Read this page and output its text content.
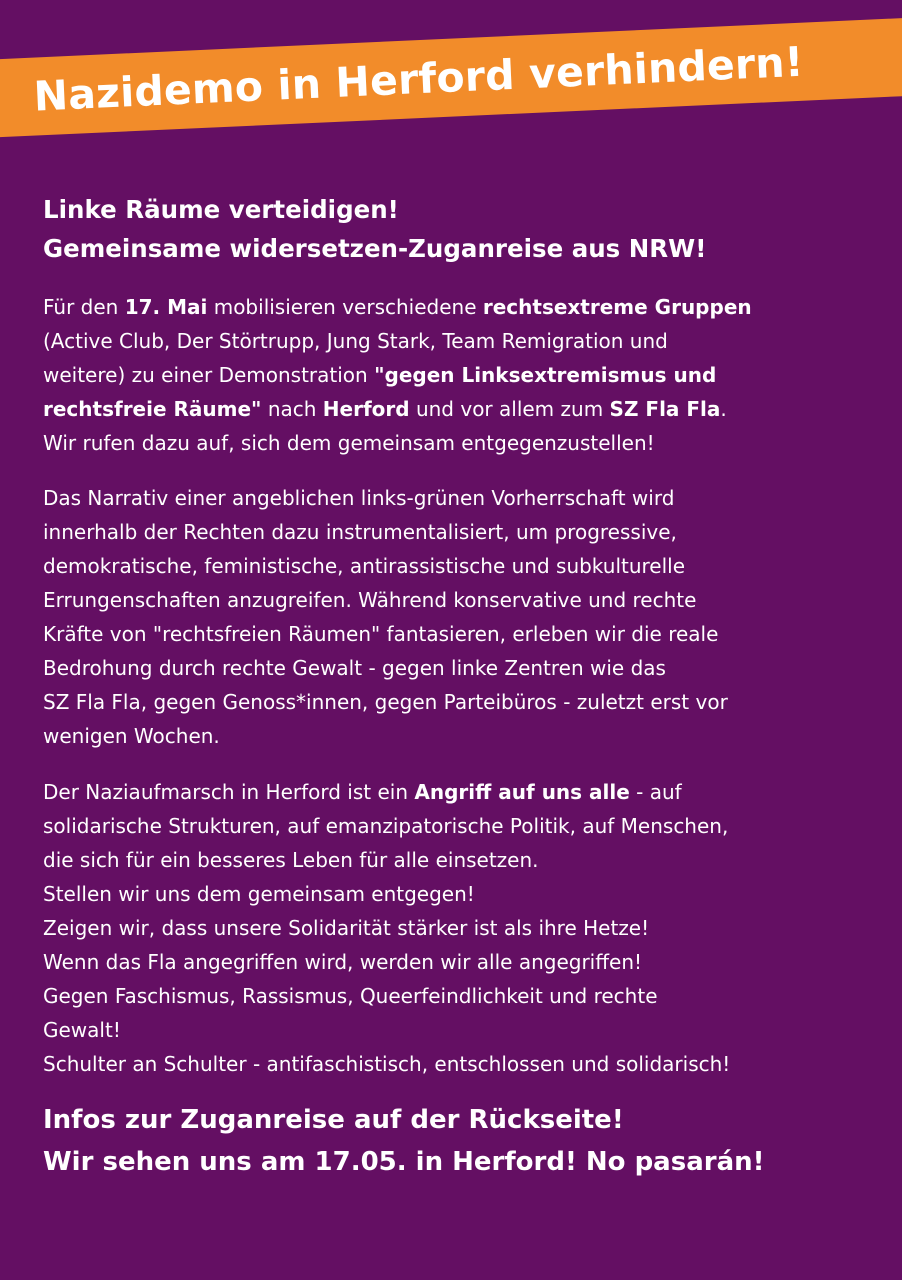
Nazidemo in Herford verhindern!
Linke Räume verteidigen!
Gemeinsame widersetzen-Zuganreise aus NRW!
Für den 17. Mai mobilisieren verschiedene rechtsextreme Gruppen
(Active Club, Der Störtrupp, Jung Stark, Team Remigration und
weitere) zu einer Demonstration "gegen Linksextremismus und
rechtsfreie Räume" nach Herford und vor allem zum SZ Fla Fla.
Wir rufen dazu auf, sich dem gemeinsam entgegenzustellen!
Das Narrativ einer angeblichen links-grünen Vorherrschaft wird
innerhalb der Rechten dazu instrumentalisiert, um progressive,
demokratische, feministische, antirassistische und subkulturelle
Errungenschaften anzugreifen. Während konservative und rechte
Kräfte von "rechtsfreien Räumen" fantasieren, erleben wir die reale
Bedrohung durch rechte Gewalt - gegen linke Zentren wie das
SZ Fla Fla, gegen Genoss*innen, gegen Parteibüros - zuletzt erst vor
wenigen Wochen.
Der Naziaufmarsch in Herford ist ein Angriff auf uns alle - auf
solidarische Strukturen, auf emanzipatorische Politik, auf Menschen,
die sich für ein besseres Leben für alle einsetzen.
Stellen wir uns dem gemeinsam entgegen!
Zeigen wir, dass unsere Solidarität stärker ist als ihre Hetze!
Wenn das Fla angegriffen wird, werden wir alle angegriffen!
Gegen Faschismus, Rassismus, Queerfeindlichkeit und rechte
Gewalt!
Schulter an Schulter - antifaschistisch, entschlossen und solidarisch!
Infos zur Zuganreise auf der Rückseite!
Wir sehen uns am 17.05. in Herford! No pasarán!
